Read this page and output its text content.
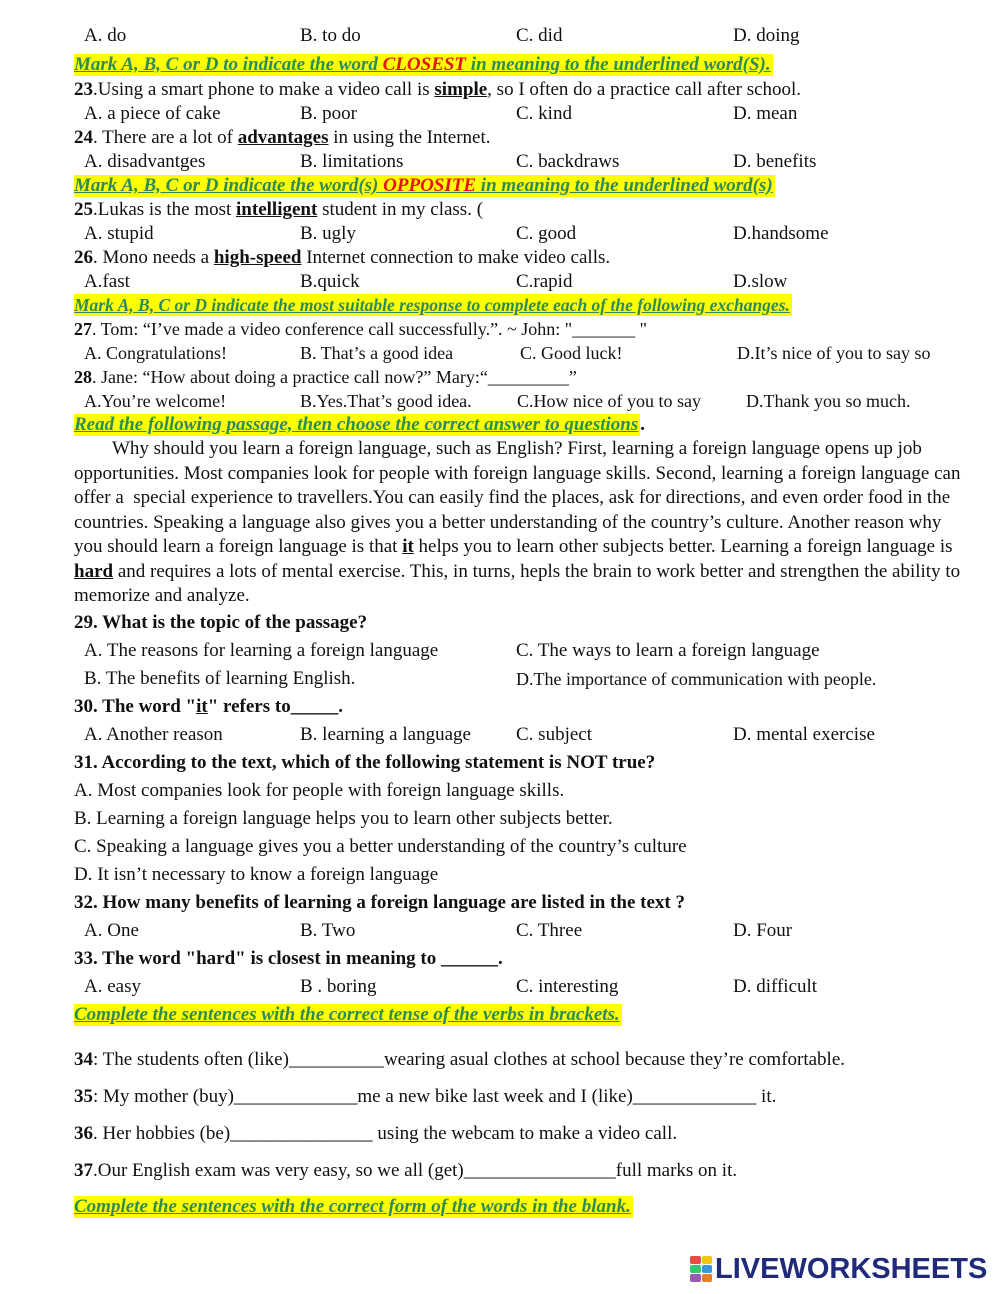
A. do	B. to do	C. did	D. doing
Mark A, B, C or D to indicate the word CLOSEST in meaning to the underlined word(S).
23.Using a smart phone to make a video call is simple, so I often do a practice call after school.
A. a piece of cake	B. poor	C. kind	D. mean
24. There are a lot of advantages in using the Internet.
A. disadvantges	B. limitations	C. backdraws	D. benefits
Mark A, B, C or D indicate the word(s) OPPOSITE in meaning to the underlined word(s)
25.Lukas is the most intelligent student in my class. (
A. stupid	B. ugly	C. good	D.handsome
26. Mono needs a high-speed Internet connection to make video calls.
A.fast	B.quick	C.rapid	D.slow
Mark A, B, C or D indicate the most suitable response to complete each of the following exchanges.
27. Tom: “I’ve made a video conference call successfully.”. ~ John: "_______ "
A. Congratulations!	B. That’s a good idea	C. Good luck!	D.It’s nice of you to say so
28. Jane: “How about doing a practice call now?” Mary:“_________”
A.You’re welcome!	B.Yes.That’s good idea.	C.How nice of you to say	D.Thank you so much.
Read the following passage, then choose the correct answer to questions .

Why should you learn a foreign language, such as English? First, learning a foreign language opens up job opportunities. Most companies look for people with foreign language skills. Second, learning a foreign language can offer a  special experience to travellers.You can easily find the places, ask for directions, and even order food in the countries. Speaking a language also gives you a better understanding of the country’s culture. Another reason why you should learn a foreign language is that it helps you to learn other subjects better. Learning a foreign language is hard and requires a lots of mental exercise. This, in turns, hepls the brain to work better and strengthen the ability to memorize and analyze.

29. What is the topic of the passage?
A. The reasons for learning a foreign language	C. The ways to learn a foreign language
B. The benefits of learning English.	D.The importance of communication with people.
30. The word "it" refers to_____.
A. Another reason	B. learning a language C. subject	D. mental exercise
31. According to the text, which of the following statement is NOT true?
A. Most companies look for people with foreign language skills.
B. Learning a foreign language helps you to learn other subjects better.
C. Speaking a language gives you a better understanding of the country’s culture
D. It isn’t necessary to know a foreign language
32. How many benefits of learning a foreign language are listed in the text ?
A. One	B. Two	C. Three	D. Four
33. The word "hard" is closest in meaning to ______.
A. easy	B . boring	C. interesting	D. difficult
Complete the sentences with the correct tense of the verbs in brackets.
34: The students often (like)__________wearing asual clothes at school because they’re comfortable.
35: My mother (buy)_____________me a new bike last week and I (like)_____________ it.
36. Her hobbies (be)_______________ using the webcam to make a video call.
37.Our English exam was very easy, so we all (get)________________full marks on it.
Complete the sentences with the correct form of the words in the blank.
LIVEWORKSHEETS
